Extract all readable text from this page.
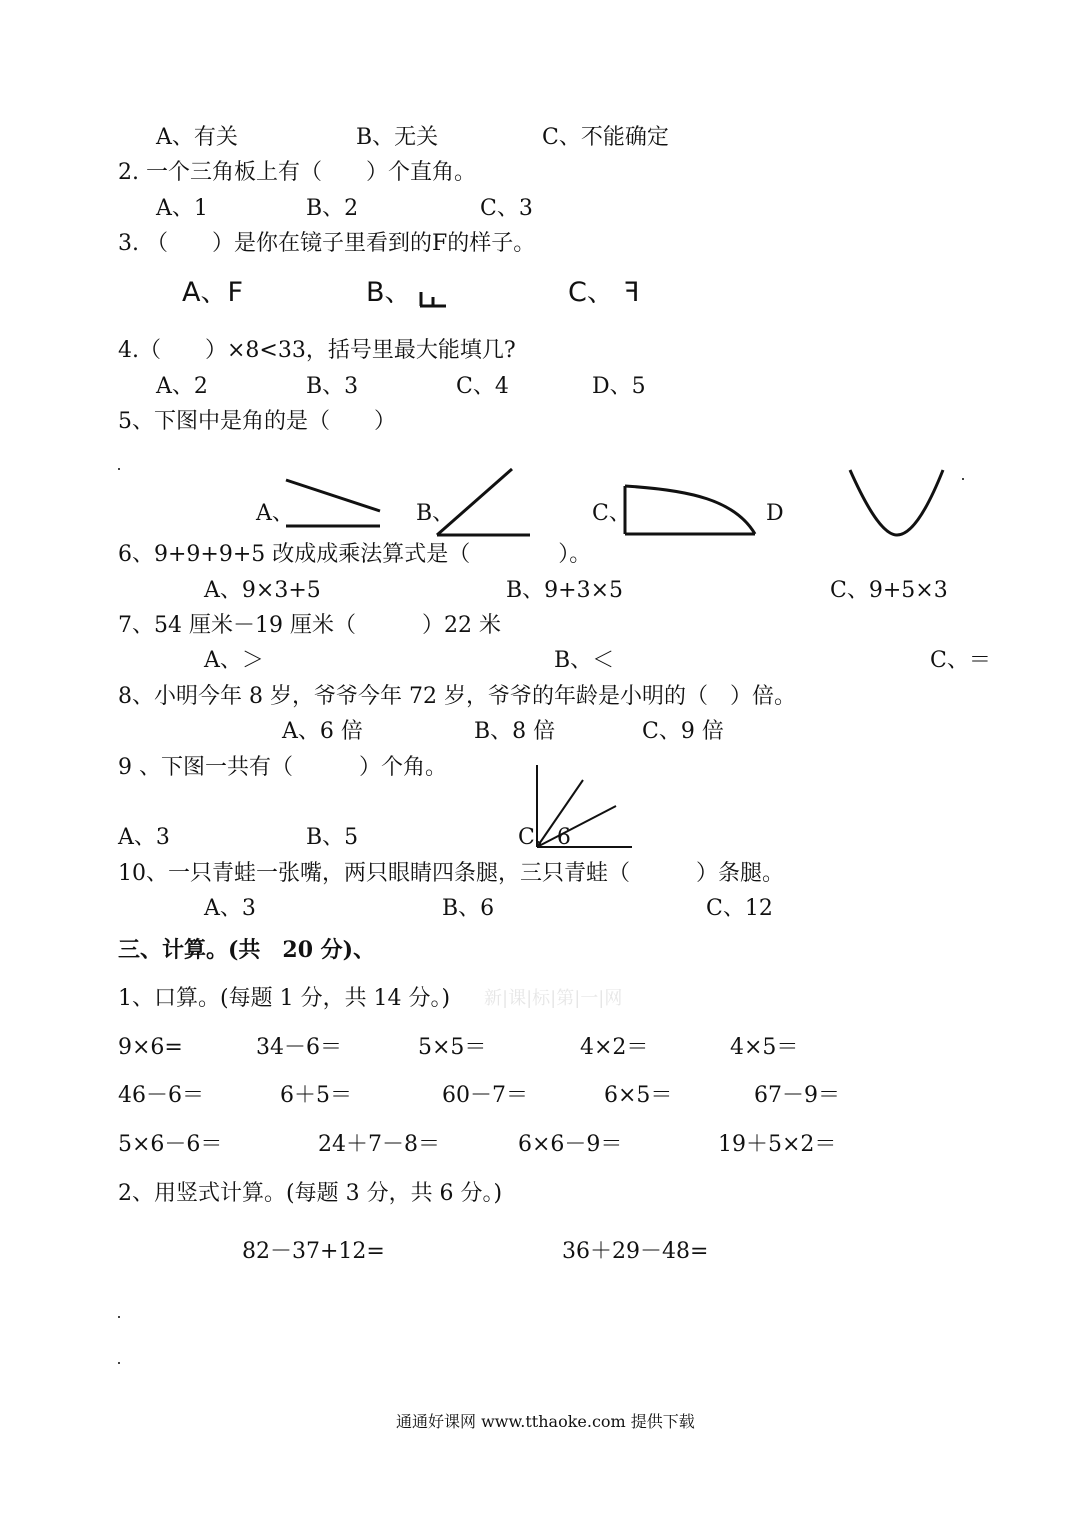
A、有关	B、无关	C、不能确定
2. 一个三角板上有（　　）个直角。
A、1	B、2	C、3
3. （　　）是你在镜子里看到的F的样子。
A、F	B、	C、 F
4.（　　）×8<33，括号里最大能填几?
A、2	B、3	C、4	D、5
5、下图中是角的是（　　）
A、	B、	C、	D
6、9+9+9+5 改成成乘法算式是（　　　　）。
A、9×3+5	B、9+3×5	C、9+5×3
7、54 厘米－19 厘米（　　　）22 米
A、＞	B、＜	C、＝
8、小明今年 8 岁，爷爷今年 72 岁，爷爷的年龄是小明的（　）倍。
A、6 倍	B、8 倍	C、9 倍
9 、下图一共有（　　　）个角。
A、3	B、5	C、6
10、一只青蛙一张嘴，两只眼睛四条腿，三只青蛙（　　　）条腿。
A、3	B、6	C、12
三、计算。(共　20 分)、
1、口算。(每题 1 分，共 14 分。) 新|课|标|第|一|网
9×6=	34－6＝	5×5＝	4×2＝	4×5＝
46－6＝	6＋5＝	60－7＝	6×5＝	67－9＝
5×6－6＝	24＋7－8＝	6×6－9＝	19＋5×2＝
2、用竖式计算。(每题 3 分，共 6 分。)
82－37+12=	36＋29－48=
通通好课网 www.tthaoke.com 提供下载
